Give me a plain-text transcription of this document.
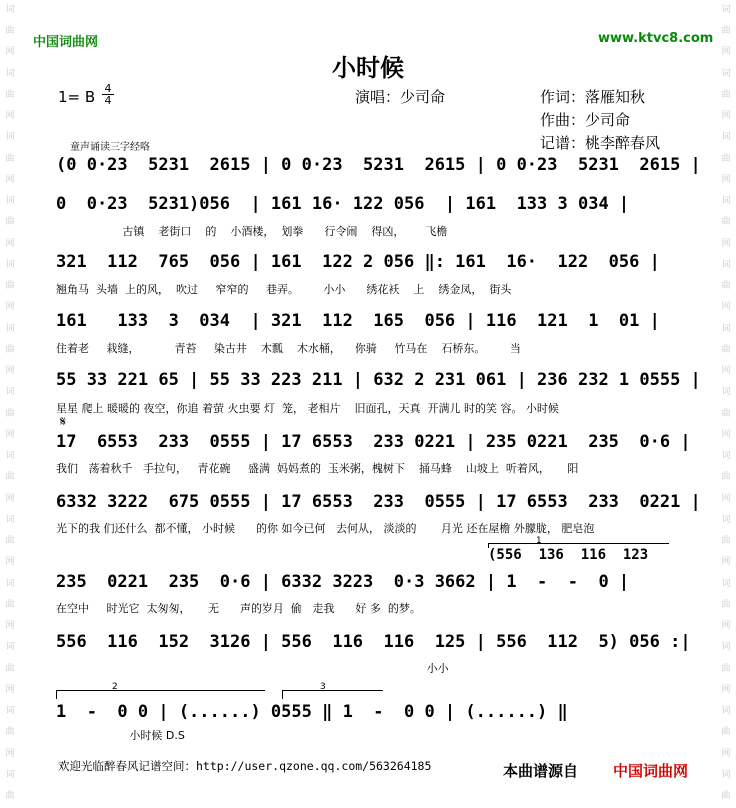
词
曲
网
词
曲
网
词
曲
网
词
曲
网
词
曲
网
词
曲
网
词
曲
网
词
曲
网
词
曲
网
词
曲
网
词
曲
网
词
曲
网
词
曲
词
曲
网
词
曲
网
词
曲
网
词
曲
网
词
曲
网
词
曲
网
词
曲
网
词
曲
网
词
曲
网
词
曲
网
词
曲
网
词
曲
网
词
曲
中国词曲网	www.ktvc8.com
小时候
1= B $\frac{4}{4}$	演唱：少司命	作词：落雁知秋
作曲：少司命
记谱：桃李醉春风
童声诵读三字经咯
(0 0·23  5231  2615 | 0 0·23  5231  2615 | 0 0·23  5231  2615 |
0  0·23  5231)056  | 161 16· 122 056  | 161  133 3 034 |
古镇    老街口    的    小酒楼，  划拳      行令闹    得凶，      飞檐
321  112  765  056 | 161  122 2 056 ‖: 161  16·  122  056 |
翘角马  头墙  上的风，  吹过     窄窄的     巷弄。       小小      绣花袄    上    绣金凤，  街头
161   133  3  034  | 321  112  165  056 | 116  121  1  01 |
住着老     栽缝，          青苔     染古井    木瓢    木水桶，    你骑     竹马在    石桥东。       当
55 33 221 65 | 55 33 223 211 | 632 2 231 061 | 236 232 1 0555 |
星星 爬上 暖暖的 夜空，你追 着萤 火虫要 灯  笼， 老相片    旧面孔，天真  开满儿 时的笑 容。 小时候
𝄋
17  6553  233  0555 | 17 6553  233 0221 | 235 0221  235  0·6 |
我们   荡着秋千   手拉句，   青花碗     盛满  妈妈煮的  玉米粥，槐树下    捅马蜂    山坡上  听着风，     阳
6332 3222  675 0555 | 17 6553  233  0555 | 17 6553  233  0221 |
光下的我 们还什么  都不懂， 小时候      的你 如今已何   去何从， 淡淡的       月光 还在屋檐 外朦胧， 肥皂泡
(556  136  116  123
1
235  0221  235  0·6 | 6332 3223  0·3 3662 | 1  -  -  0 |
在空中     时光它  太匆匆，     无      声的岁月  偷   走我      好 多  的梦。
556  116  152  3126 | 556  116  116  125 | 556  112  5) 056 :|
小小
2	3
1  -  0 0 | (......) 0555 ‖ 1  -  0 0 | (......) ‖
小时候 D.S
欢迎光临醉春风记谱空间：http://user.qzone.qq.com/563264185	本曲谱源自 中国词曲网
